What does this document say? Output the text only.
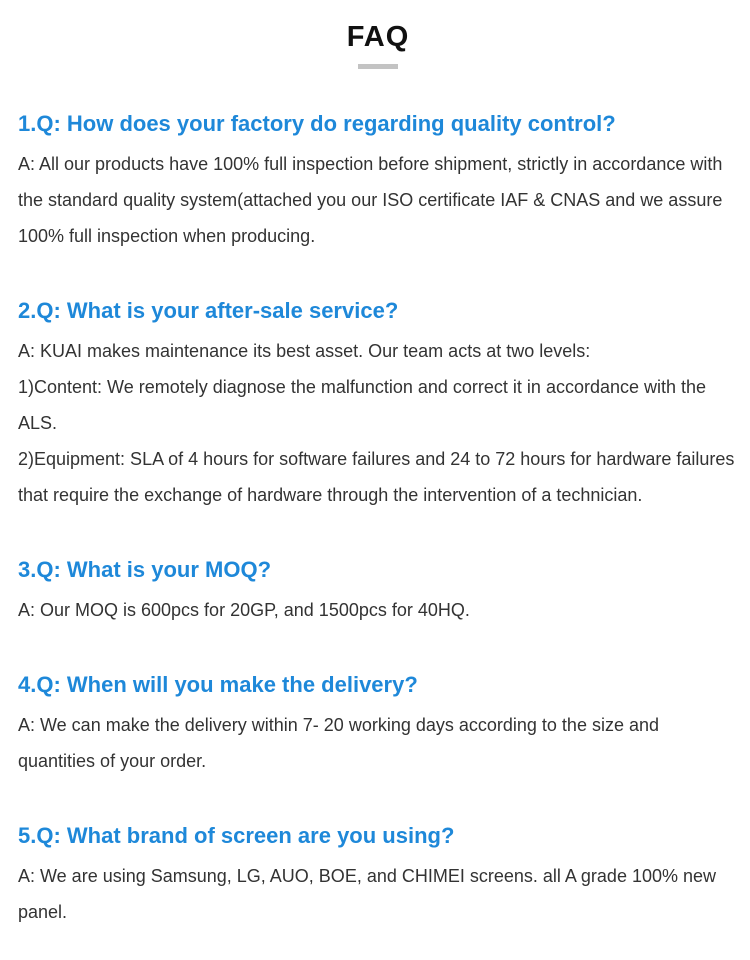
FAQ
1.Q: How does your factory do regarding quality control?

A: All our products have 100% full inspection before shipment, strictly in accordance with the standard quality system(attached you our ISO certificate IAF & CNAS and we assure 100% full inspection when producing.

2.Q: What is your after-sale service?

A: KUAI makes maintenance its best asset. Our team acts at two levels:

1)Content: We remotely diagnose the malfunction and correct it in accordance with the ALS.

2)Equipment: SLA of 4 hours for software failures and 24 to 72 hours for hardware failures that require the exchange of hardware through the intervention of a technician.

3.Q: What is your MOQ?

A: Our MOQ is 600pcs for 20GP, and 1500pcs for 40HQ.

4.Q: When will you make the delivery?

A: We can make the delivery within 7- 20 working days according to the size and quantities of your order.

5.Q: What brand of screen are you using?

A: We are using Samsung, LG, AUO, BOE, and CHIMEI screens. all A grade 100% new panel.
